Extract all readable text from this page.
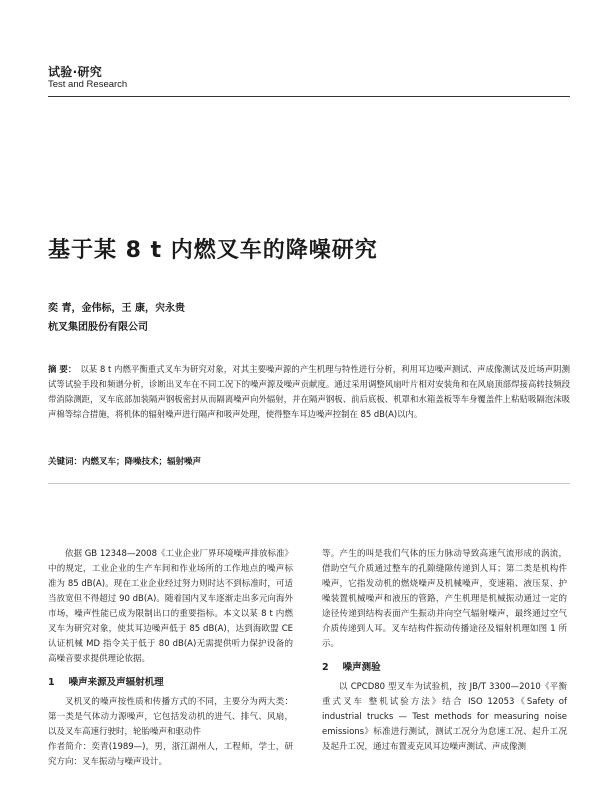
试验·研究
Test and Research
基于某 8 t 内燃叉车的降噪研究
奕 青，金伟标，王 康，宍永贵
杭叉集团股份有限公司
摘 要： 以某 8 t 内燃平衡重式叉车为研究对象，对其主要噪声源的产生机理与特性进行分析，利用耳边噪声测试、声成像测试及近场声阴测试等试验手段和频谱分析，诊断出叉车在不同工况下的噪声源及噪声贡献度。通过采用调整风扇叶片相对安装角和在风扇顶部焊接高转技频段带消除测距，叉车底部加装隔声钢板密封从而隔离噪声向外辐射，并在隔声钢板、前后底板、机罩和水箱盖板等车身覆盖件上粘贴吸隔泡沫吸声棉等综合措施，将机体的辐射噪声进行隔声和吸声处理，使得整车耳边噪声控制在 85 dB(A)以内。
关键词：内燃叉车；降噪技术；辐射噪声

依据 GB 12348—2008《工业企业厂界环境噪声排放标准》中的规定，工业企业的生产车间和作业场所的工作地点的噪声标准为 85 dB(A)。现在工业企业经过努力则时达不到标准时，可适当放宽但不得超过 90 dB(A)。随着国内叉车逐渐走出多元向海外市场，噪声性能已成为限制出口的重要指标。本文以某 8 t 内燃叉车为研究对象，使其耳边噪声低于 85 dB(A)，达到海欧盟 CE 认证机械 MD 指令关于低于 80 dB(A)无需提供听力保护设备的高噪音要求提供理论依据。

1 噪声来源及声辐射机理

叉机叉的噪声按性质和传播方式的不同，主要分为两大类：第一类是气体动力源噪声，它包括发动机的进气、排气、风扇，以及叉车高速行驶时，轮胎噪声和驱动件

作者简介：奕青(1989—)，男，浙江湖州人，工程师，学士，研究方向：叉车振动与噪声设计。

等。产生的叫是我们气体的压力脉动导致高速气流形成的涡流，借助空气介质通过整车的孔隙缝隙传递到人耳；第二类是机构件噪声，它指发动机的燃烧噪声及机械噪声，变速箱、液压泵、护噪装置机械噪声和液压的管路，产生机理是机械振动通过一定的途径传递到结构表面产生振动并向空气辐射噪声，最终通过空气介质传递到人耳。叉车结构件振动传播途径及辐射机理如图 1 所示。

2 噪声测验

以 CPCD80 型叉车为试验机，按 JB/T 3300—2010《平衡重式叉车 整机试验方法》结合 ISO 12053《Safety of industrial trucks — Test methods for measuring noise emissions》标准进行测试，测试工况分为怠速工况、起升工况及起升工况，通过布置麦克风耳边噪声测试、声成像测
